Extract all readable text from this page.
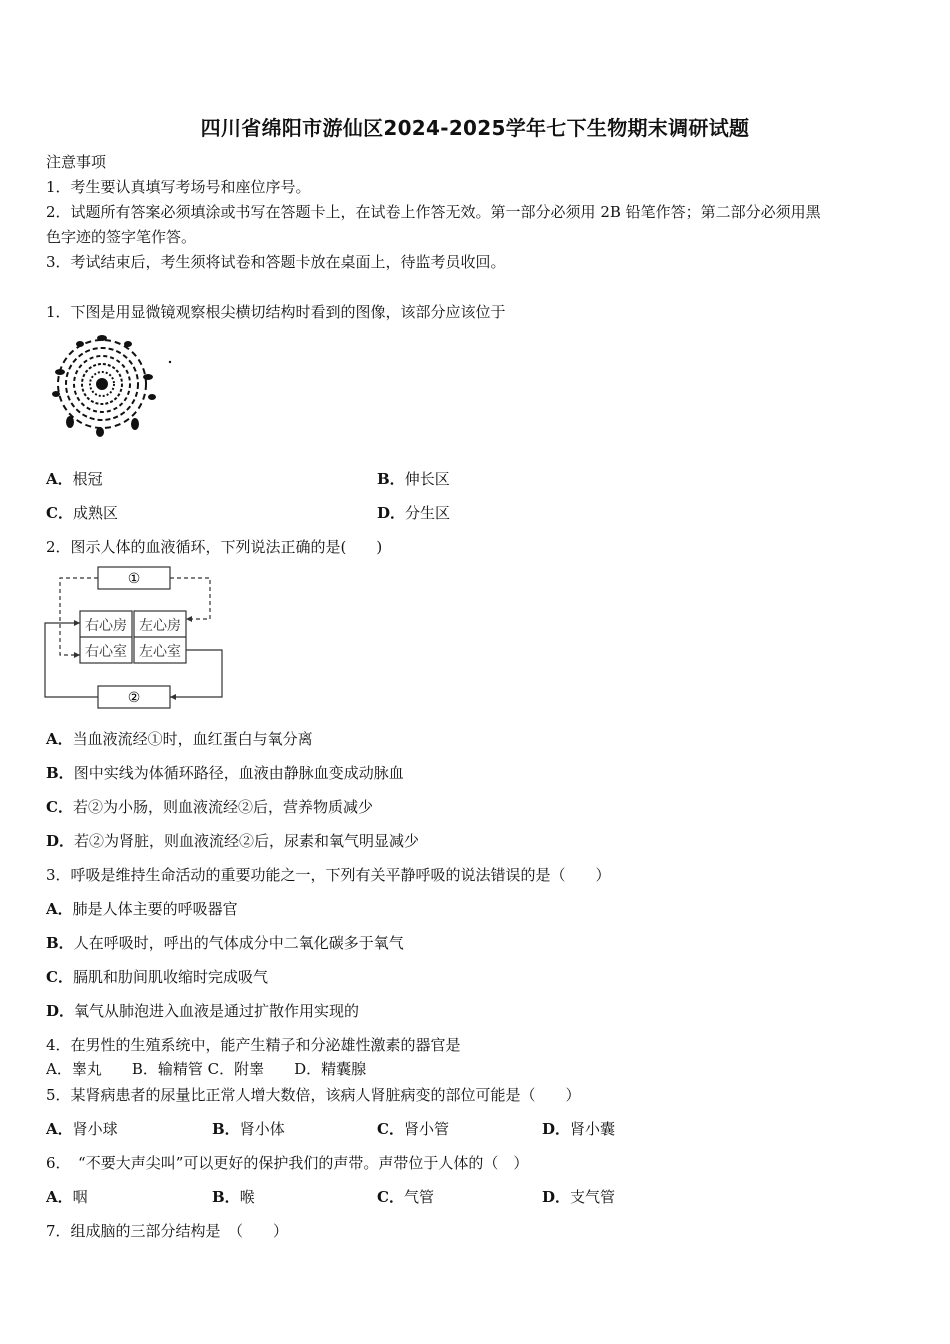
四川省绵阳市游仙区2024-2025学年七下生物期末调研试题
注意事项
1．考生要认真填写考场号和座位序号。
2．试题所有答案必须填涂或书写在答题卡上，在试卷上作答无效。第一部分必须用 2B 铅笔作答；第二部分必须用黑
色字迹的签字笔作答。
3．考试结束后，考生须将试卷和答题卡放在桌面上，待监考员收回。
1．下图是用显微镜观察根尖横切结构时看到的图像，该部分应该位于
A．根冠	B．伸长区
C．成熟区	D．分生区
2．图示人体的血液循环，下列说法正确的是(　　)
①
②
右心房
右心室
左心房
左心室
A．当血液流经①时，血红蛋白与氧分离
B．图中实线为体循环路径，血液由静脉血变成动脉血
C．若②为小肠，则血液流经②后，营养物质减少
D．若②为肾脏，则血液流经②后，尿素和氧气明显减少
3．呼吸是维持生命活动的重要功能之一，下列有关平静呼吸的说法错误的是（　　）
A．肺是人体主要的呼吸器官
B．人在呼吸时，呼出的气体成分中二氧化碳多于氧气
C．膈肌和肋间肌收缩时完成吸气
D．氧气从肺泡进入血液是通过扩散作用实现的
4．在男性的生殖系统中，能产生精子和分泌雄性激素的器官是
A．睾丸　　B．输精管 C．附睾　　D．精囊腺
5．某肾病患者的尿量比正常人增大数倍，该病人肾脏病变的部位可能是（　　）
A．肾小球	B．肾小体	C．肾小管	D．肾小囊
6．　“不要大声尖叫”可以更好的保护我们的声带。声带位于人体的（　）
A．咽	B．喉	C．气管	D．支气管
7．组成脑的三部分结构是　（　　）
